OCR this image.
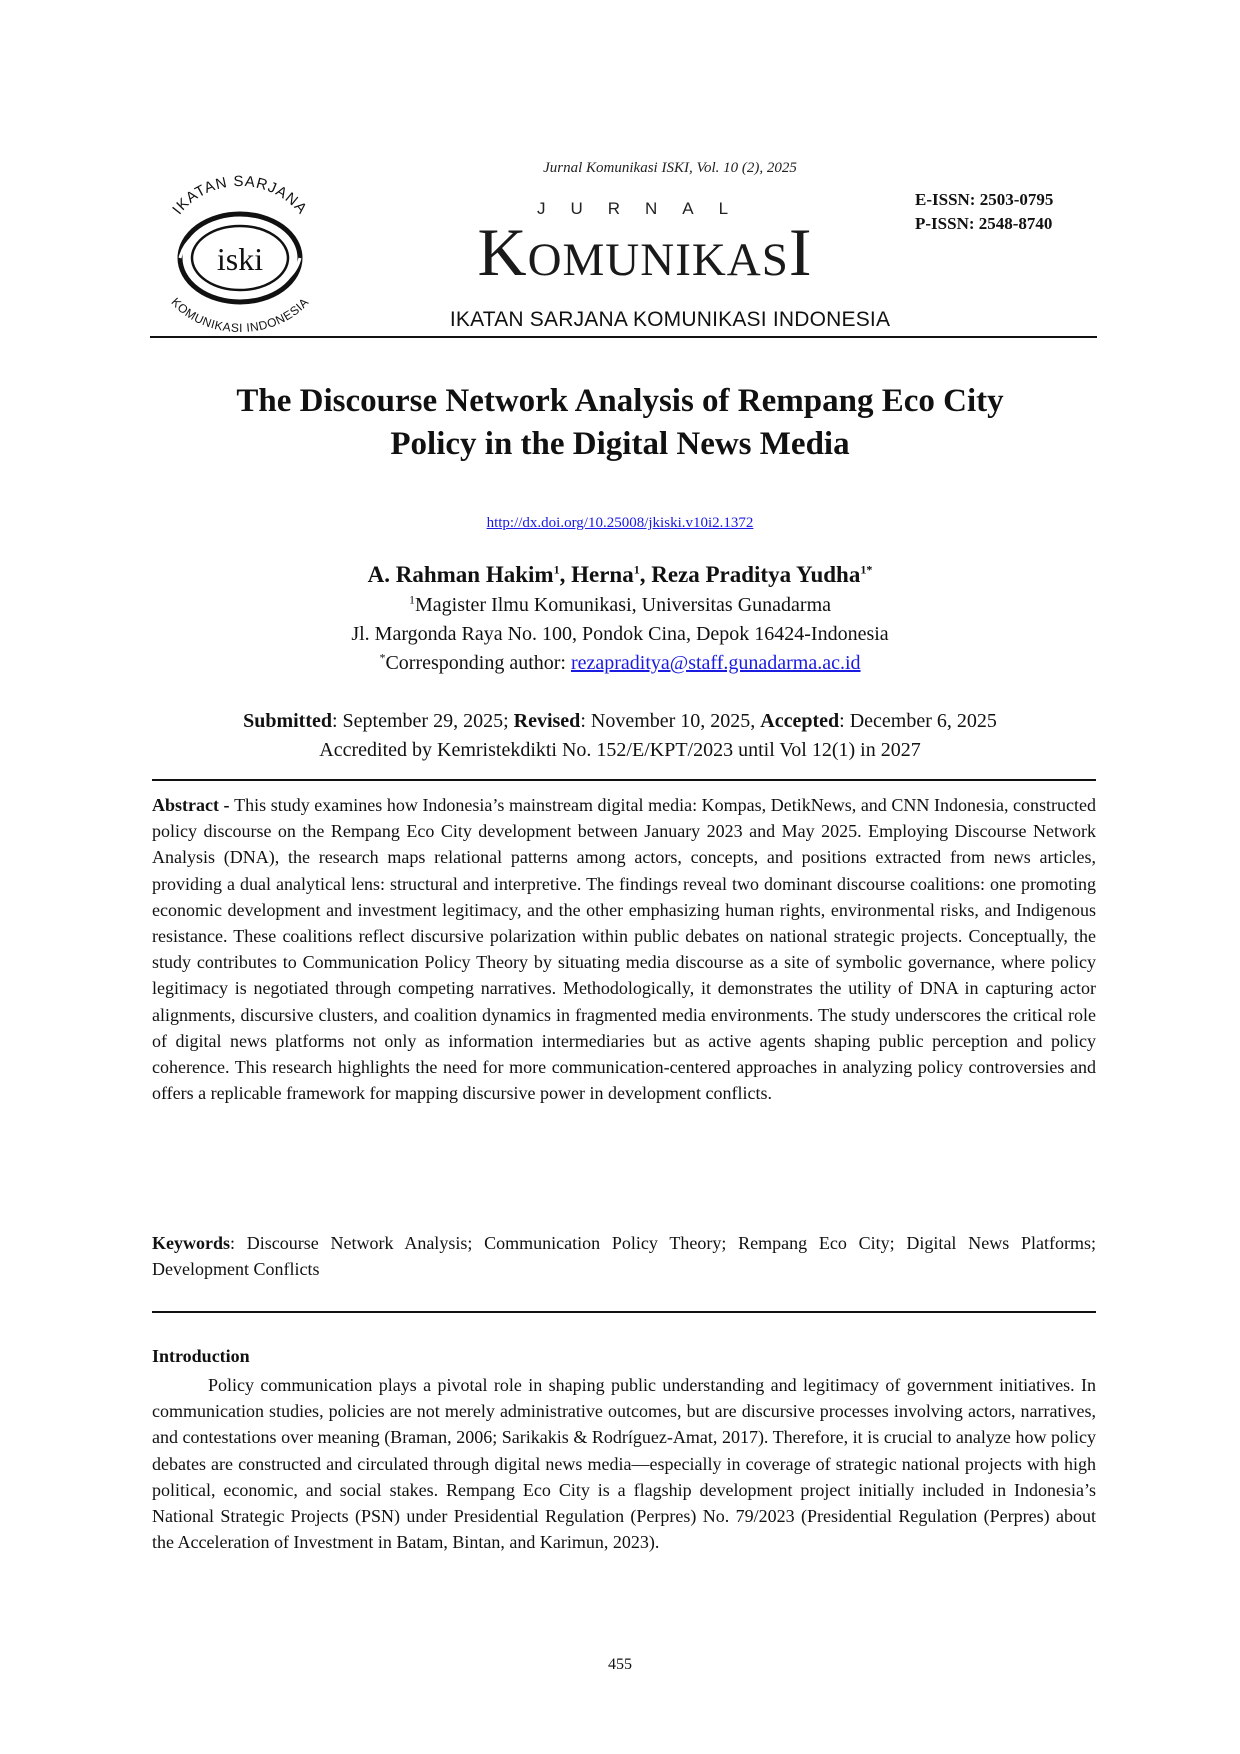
IKATAN SARJANA
KOMUNIKASI INDONESIA
iski
Jurnal Komunikasi ISKI, Vol. 10 (2), 2025
JURNAL
KOMUNIKASI
E-ISSN: 2503-0795
P-ISSN: 2548-8740
IKATAN SARJANA KOMUNIKASI INDONESIA
The Discourse Network Analysis of Rempang Eco City
Policy in the Digital News Media
http://dx.doi.org/10.25008/jkiski.v10i2.1372
A. Rahman Hakim$^1$, Herna$^1$, Reza Praditya Yudha$^{1*}$
$^1$Magister Ilmu Komunikasi, Universitas Gunadarma
Jl. Margonda Raya No. 100, Pondok Cina, Depok 16424-Indonesia
*Corresponding author: rezapraditya@staff.gunadarma.ac.id
Submitted: September 29, 2025; Revised: November 10, 2025, Accepted: December 6, 2025
Accredited by Kemristekdikti No. 152/E/KPT/2023 until Vol 12(1) in 2027

Abstract - This study examines how Indonesia’s mainstream digital media: Kompas, DetikNews, and CNN Indonesia, constructed policy discourse on the Rempang Eco City development between January 2023 and May 2025. Employing Discourse Network Analysis (DNA), the research maps relational patterns among actors, concepts, and positions extracted from news articles, providing a dual analytical lens: structural and interpretive. The findings reveal two dominant discourse coalitions: one promoting economic development and investment legitimacy, and the other emphasizing human rights, environmental risks, and Indigenous resistance. These coalitions reflect discursive polarization within public debates on national strategic projects. Conceptually, the study contributes to Communication Policy Theory by situating media discourse as a site of symbolic governance, where policy legitimacy is negotiated through competing narratives. Methodologically, it demonstrates the utility of DNA in capturing actor alignments, discursive clusters, and coalition dynamics in fragmented media environments. The study underscores the critical role of digital news platforms not only as information intermediaries but as active agents shaping public perception and policy coherence. This research highlights the need for more communication-centered approaches in analyzing policy controversies and offers a replicable framework for mapping discursive power in development conflicts.

Keywords: Discourse Network Analysis; Communication Policy Theory; Rempang Eco City; Digital News Platforms; Development Conflicts

Introduction

Policy communication plays a pivotal role in shaping public understanding and legitimacy of government initiatives. In communication studies, policies are not merely administrative outcomes, but are discursive processes involving actors, narratives, and contestations over meaning (Braman, 2006; Sarikakis & Rodríguez-Amat, 2017). Therefore, it is crucial to analyze how policy debates are constructed and circulated through digital news media—especially in coverage of strategic national projects with high political, economic, and social stakes. Rempang Eco City is a flagship development project initially included in Indonesia’s National Strategic Projects (PSN) under Presidential Regulation (Perpres) No. 79/2023 (Presidential Regulation (Perpres) about the Acceleration of Investment in Batam, Bintan, and Karimun, 2023).

455
